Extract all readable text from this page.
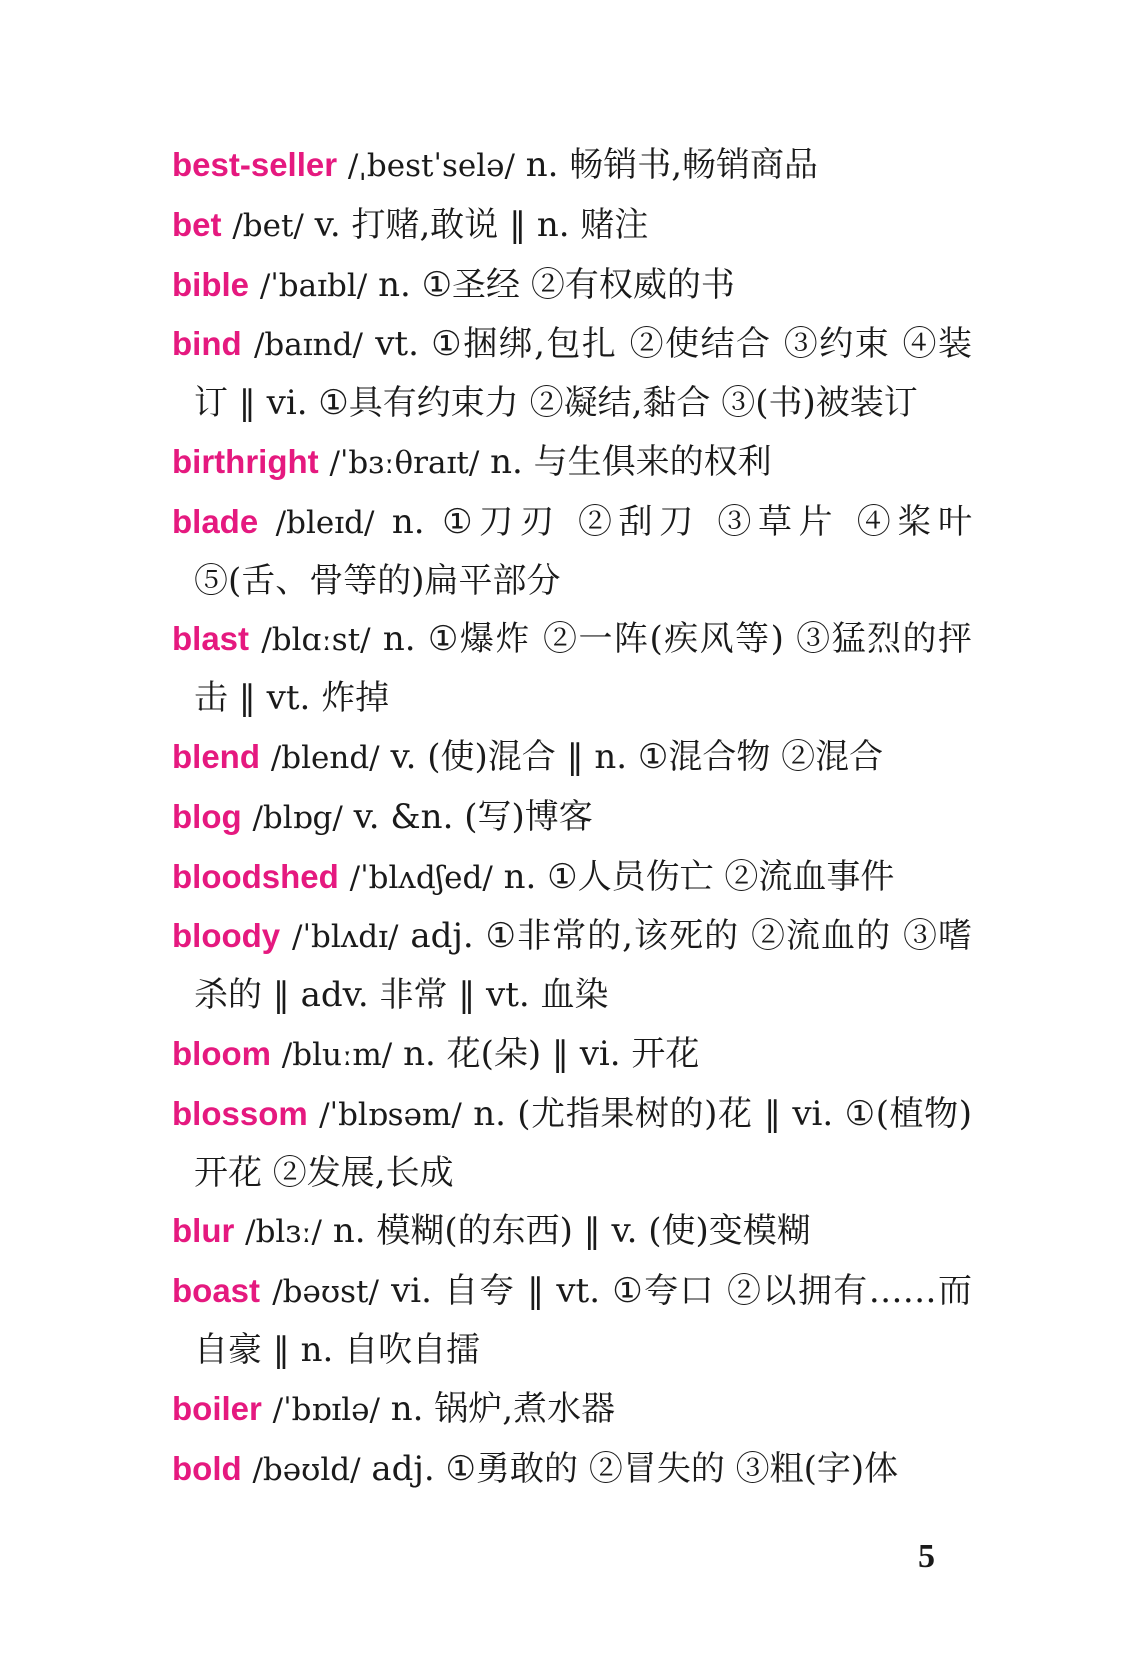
best-seller /ˌbestˈselə/ n. 畅销书,畅销商品

bet /bet/ v. 打赌,敢说 ‖ n. 赌注

bible /ˈbaɪbl/ n. ①圣经 ②有权威的书

bind /baɪnd/ vt. ①捆绑,包扎 ②使结合 ③约束 ④装订 ‖ vi. ①具有约束力 ②凝结,黏合 ③(书)被装订

birthright /ˈbɜːθraɪt/ n. 与生俱来的权利

blade /bleɪd/ n. ①刀刃 ②刮刀 ③草片 ④桨叶 ⑤(舌、骨等的)扁平部分

blast /blɑːst/ n. ①爆炸 ②一阵(疾风等) ③猛烈的抨击 ‖ vt. 炸掉

blend /blend/ v. (使)混合 ‖ n. ①混合物 ②混合

blog /blɒg/ v. &n. (写)博客

bloodshed /ˈblʌdʃed/ n. ①人员伤亡 ②流血事件

bloody /ˈblʌdɪ/ adj. ①非常的,该死的 ②流血的 ③嗜杀的 ‖ adv. 非常 ‖ vt. 血染

bloom /bluːm/ n. 花(朵) ‖ vi. 开花

blossom /ˈblɒsəm/ n. (尤指果树的)花 ‖ vi. ①(植物)开花 ②发展,长成

blur /blɜː/ n. 模糊(的东西) ‖ v. (使)变模糊

boast /bəʊst/ vi. 自夸 ‖ vt. ①夸口 ②以拥有……而自豪 ‖ n. 自吹自擂

boiler /ˈbɒɪlə/ n. 锅炉,煮水器

bold /bəʊld/ adj. ①勇敢的 ②冒失的 ③粗(字)体

5
